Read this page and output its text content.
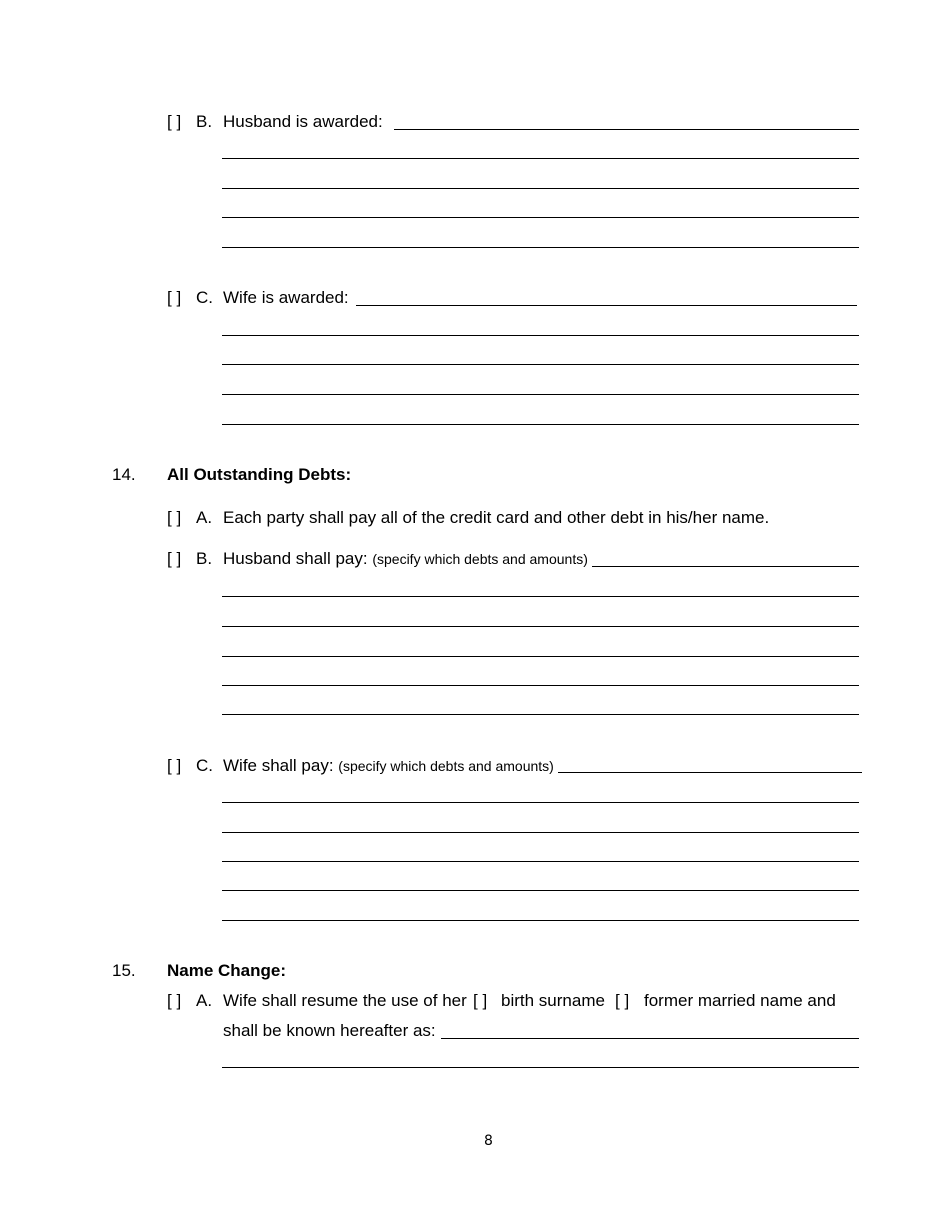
[ ] B. Husband is awarded:
[ ] C. Wife is awarded:
14. All Outstanding Debts:
[ ] A. Each party shall pay all of the credit card and other debt in his/her name.
[ ] B. Husband shall pay: (specify which debts and amounts)
[ ] C. Wife shall pay: (specify which debts and amounts)
15. Name Change:
[ ] A. Wife shall resume the use of her [ ] birth surname [ ] former married name and
shall be known hereafter as:
8
